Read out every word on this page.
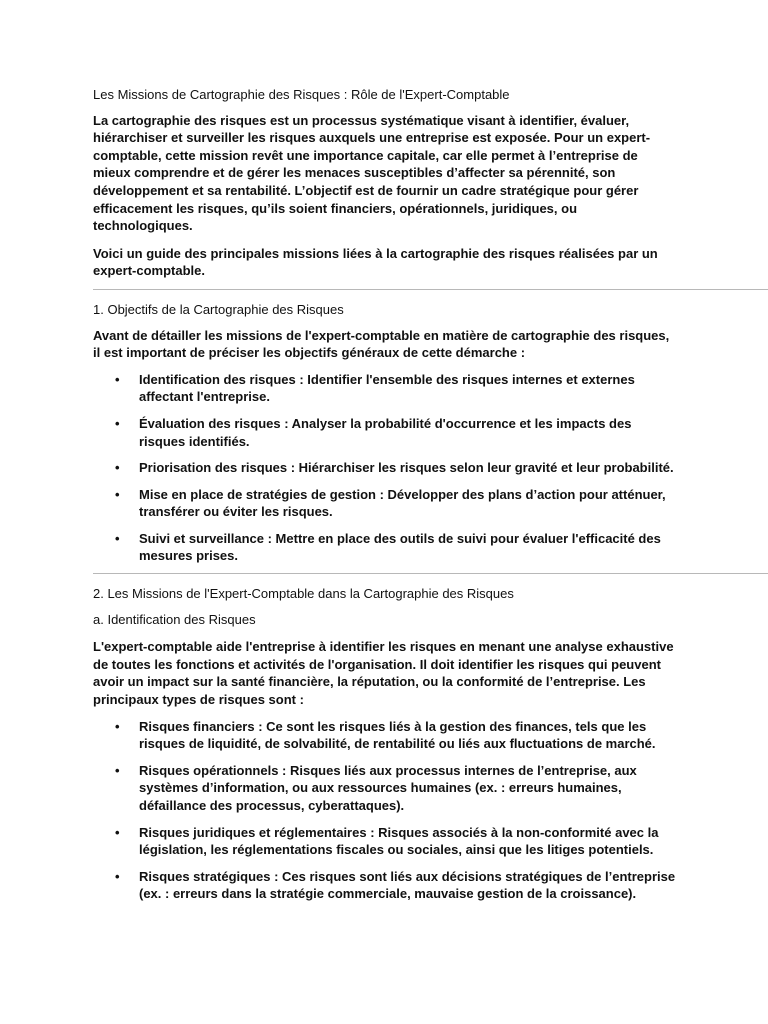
Les Missions de Cartographie des Risques : Rôle de l'Expert-Comptable

La cartographie des risques est un processus systématique visant à identifier, évaluer, hiérarchiser et surveiller les risques auxquels une entreprise est exposée. Pour un expert-comptable, cette mission revêt une importance capitale, car elle permet à l’entreprise de mieux comprendre et de gérer les menaces susceptibles d’affecter sa pérennité, son développement et sa rentabilité. L’objectif est de fournir un cadre stratégique pour gérer efficacement les risques, qu’ils soient financiers, opérationnels, juridiques, ou technologiques.

Voici un guide des principales missions liées à la cartographie des risques réalisées par un expert-comptable.

1. Objectifs de la Cartographie des Risques

Avant de détailler les missions de l'expert-comptable en matière de cartographie des risques, il est important de préciser les objectifs généraux de cette démarche :

• Identification des risques : Identifier l'ensemble des risques internes et externes affectant l'entreprise.
• Évaluation des risques : Analyser la probabilité d'occurrence et les impacts des risques identifiés.
• Priorisation des risques : Hiérarchiser les risques selon leur gravité et leur probabilité.
• Mise en place de stratégies de gestion : Développer des plans d’action pour atténuer, transférer ou éviter les risques.
• Suivi et surveillance : Mettre en place des outils de suivi pour évaluer l'efficacité des mesures prises.

2. Les Missions de l'Expert-Comptable dans la Cartographie des Risques

a. Identification des Risques

L'expert-comptable aide l'entreprise à identifier les risques en menant une analyse exhaustive de toutes les fonctions et activités de l'organisation. Il doit identifier les risques qui peuvent avoir un impact sur la santé financière, la réputation, ou la conformité de l’entreprise. Les principaux types de risques sont :

• Risques financiers : Ce sont les risques liés à la gestion des finances, tels que les risques de liquidité, de solvabilité, de rentabilité ou liés aux fluctuations de marché.
• Risques opérationnels : Risques liés aux processus internes de l’entreprise, aux systèmes d’information, ou aux ressources humaines (ex. : erreurs humaines, défaillance des processus, cyberattaques).
• Risques juridiques et réglementaires : Risques associés à la non-conformité avec la législation, les réglementations fiscales ou sociales, ainsi que les litiges potentiels.
• Risques stratégiques : Ces risques sont liés aux décisions stratégiques de l’entreprise (ex. : erreurs dans la stratégie commerciale, mauvaise gestion de la croissance).
